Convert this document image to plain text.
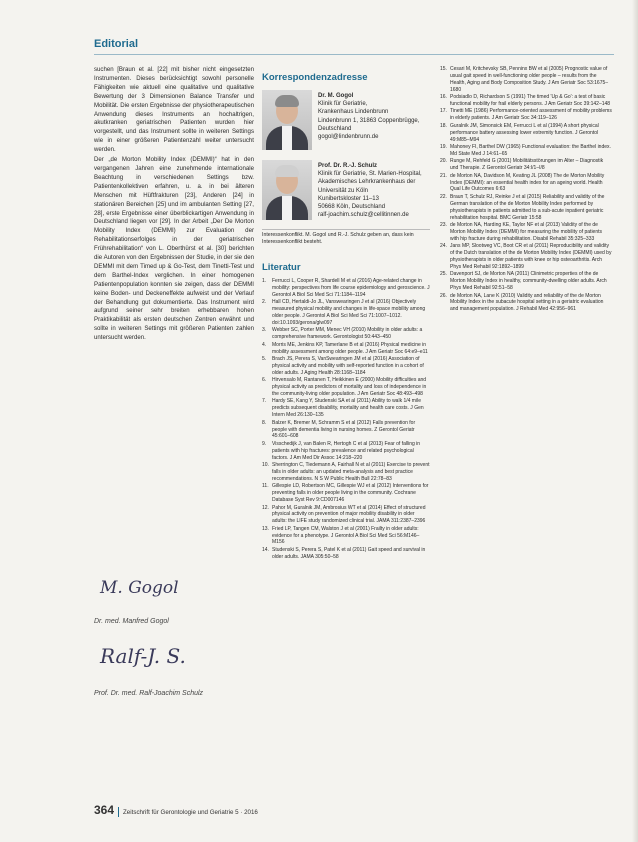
Editorial

suchen [Braun et al. [22] mit bisher nicht eingesetzten Instrumenten. Dieses berücksichtigt sowohl personelle Fähigkeiten wie aktuell eine qualitative und qualitative Bewertung der 3 Dimensionen Balance Transfer und Mobilität. Die ersten Ergebnisse der physiotherapeutischen Anwendung dieses Instruments an hochaltrigen, akutkranken geriatrischen Patienten wurden hier vorgestellt, und das Instrument sollte in weiteren Settings wie in einer größeren Patientenzahl weiter untersucht werden.

Der „de Morton Mobility Index (DEMMI)“ hat in den vergangenen Jahren eine zunehmende internationale Beachtung in verschiedenen Settings bzw. Patientenkollektiven erfahren, u. a. in bei älteren Menschen mit Hüftfrakturen [23], Anderen [24] in stationären Bereichen [25] und im ambulanten Setting [27, 28], erste Ergebnisse einer überblickartigen Anwendung in Deutschland liegen vor [29]. In der Arbeit „Der De Morton Mobility Index (DEMMI) zur Evaluation der Rehabilitationserfolges in der geriatrischen Frührehabilitation“ von L. Oberthürst et al. [30] berichten die Autoren von den Ergebnissen der Studie, in der sie den DEMMI mit dem Timed up & Go-Test, dem Tinetti-Test und dem Barthel-Index verglichen. In einer homogenen Patientenpopulation konnten sie zeigen, dass der DEMMI keine Boden- und Deckeneffekte aufweist und der Verlauf der Behandlung gut dokumentierte. Das Instrument wird aufgrund seiner sehr breiten erhebbaren hohen Praktikabilität als ersten deutschen Zentren erwähnt und sollte in weiteren Settings mit größeren Patienten zahlen untersucht werden.

M. Gogol
Dr. med. Manfred Gogol
Ralf-J. S.
Prof. Dr. med. Ralf-Joachim Schulz
Korrespondenzadresse
Dr. M. Gogol
Klinik für Geriatrie,
Krankenhaus Lindenbrunn
Lindenbrunn 1, 31863 Coppenbrügge, Deutschland
gogol@lindenbrunn.de
Prof. Dr. R.-J. Schulz
Klinik für Geriatrie, St. Marien-Hospital, Akademisches Lehrkrankenhaus der
Universität zu Köln
Kunibertskloster 11–13
50668 Köln, Deutschland
ralf-joachim.schulz@cellitinnen.de
Interessenkonflikt. M. Gogol und R.-J. Schulz geben an, dass kein Interessenkonflikt besteht.
Literatur
1. Ferrucci L, Cooper R, Shardell M et al (2016) Age-related change in mobility: perspectives from life course epidemiology and geroscience. J Gerontol A Biol Sci Med Sci 71:1184–1194
2. Hall CD, Hertaldi-Jo JL, Vanswearingen J et al (2016) Objectively measured physical mobility and changes in life-space mobility among older people. J Gerontol A Biol Sci Med Sci 71:1007–1012. doi:10.1093/gerona/glw097
3. Webber SC, Porter MM, Menec VH (2010) Mobility in older adults: a comprehensive framework. Gerontologist 50:443–450
4. Morris ME, Jenkins KP, Tamerlane B et al (2016) Physical medicine in mobility assessment among older people. J Am Geriatr Soc 64:e9–e11
5. Brach JS, Perera S, VanSwearingen JM et al (2016) Association of physical activity and mobility with self-reported function in a cohort of older adults. J Aging Health 28:1168–1184
6. Hirvensalo M, Rantanen T, Heikkinen E (2000) Mobility difficulties and physical activity as predictors of mortality and loss of independence in the community-living older population. J Am Geriatr Soc 48:493–498
7. Hardy SE, Kang Y, Studenski SA et al (2011) Ability to walk 1/4 mile predicts subsequent disability, mortality and health care costs. J Gen Intern Med 26:130–135
8. Balzer K, Bremer M, Schramm S et al (2012) Falls prevention for people with dementia living in nursing homes. Z Gerontol Geriatr 45:601–608
9. Visschedijk J, van Balen R, Hertogh C et al (2013) Fear of falling in patients with hip fractures: prevalence and related psychological factors. J Am Med Dir Assoc 14:218–220
10. Sherrington C, Tiedemann A, Fairhall N et al (2011) Exercise to prevent falls in older adults: an updated meta-analysis and best practice recommendations. N S W Public Health Bull 22:78–83
11. Gillespie LD, Robertson MC, Gillespie WJ et al (2012) Interventions for preventing falls in older people living in the community. Cochrane Database Syst Rev 9:CD007146
12. Pahor M, Guralnik JM, Ambrosius WT et al (2014) Effect of structured physical activity on prevention of major mobility disability in older adults: the LIFE study randomized clinical trial. JAMA 311:2387–2396
13. Fried LP, Tangen CM, Walston J et al (2001) Frailty in older adults: evidence for a phenotype. J Gerontol A Biol Sci Med Sci 56:M146–M156
14. Studenski S, Perera S, Patel K et al (2011) Gait speed and survival in older adults. JAMA 305:50–58
15. Cesari M, Kritchevsky SB, Penninx BW et al (2005) Prognostic value of usual gait speed in well-functioning older people – results from the Health, Aging and Body Composition Study. J Am Geriatr Soc 53:1675–1680
16. Podsiadlo D, Richardson S (1991) The timed 'Up & Go': a test of basic functional mobility for frail elderly persons. J Am Geriatr Soc 39:142–148
17. Tinetti ME (1986) Performance-oriented assessment of mobility problems in elderly patients. J Am Geriatr Soc 34:119–126
18. Guralnik JM, Simonsick EM, Ferrucci L et al (1994) A short physical performance battery assessing lower extremity function. J Gerontol 49:M85–M94
19. Mahoney FI, Barthel DW (1965) Functional evaluation: the Barthel index. Md State Med J 14:61–65
20. Runge M, Rehfeld G (2001) Mobilitätsstörungen im Alter – Diagnostik und Therapie. Z Gerontol Geriatr 34:I/1–I/8
21. de Morton NA, Davidson M, Keating JL (2008) The de Morton Mobility Index (DEMMI): an essential health index for an ageing world. Health Qual Life Outcomes 6:63
22. Braun T, Schulz RJ, Reinke J et al (2015) Reliability and validity of the German translation of the de Morton Mobility Index performed by physiotherapists in patients admitted to a sub-acute inpatient geriatric rehabilitation hospital. BMC Geriatr 15:58
23. de Morton NA, Harding KE, Taylor NF et al (2013) Validity of the de Morton Mobility Index (DEMMI) for measuring the mobility of patients with hip fracture during rehabilitation. Disabil Rehabil 35:325–333
24. Jans MP, Slootweg VC, Boot CR et al (2011) Reproducibility and validity of the Dutch translation of the de Morton Mobility Index (DEMMI) used by physiotherapists in older patients with knee or hip osteoarthritis. Arch Phys Med Rehabil 92:1892–1899
25. Davenport SJ, de Morton NA (2011) Clinimetric properties of the de Morton Mobility Index in healthy, community-dwelling older adults. Arch Phys Med Rehabil 92:51–58
26. de Morton NA, Lane K (2010) Validity and reliability of the de Morton Mobility Index in the subacute hospital setting in a geriatric evaluation and management population. J Rehabil Med 42:956–961
364 Zeitschrift für Gerontologie und Geriatrie 5 · 2016
